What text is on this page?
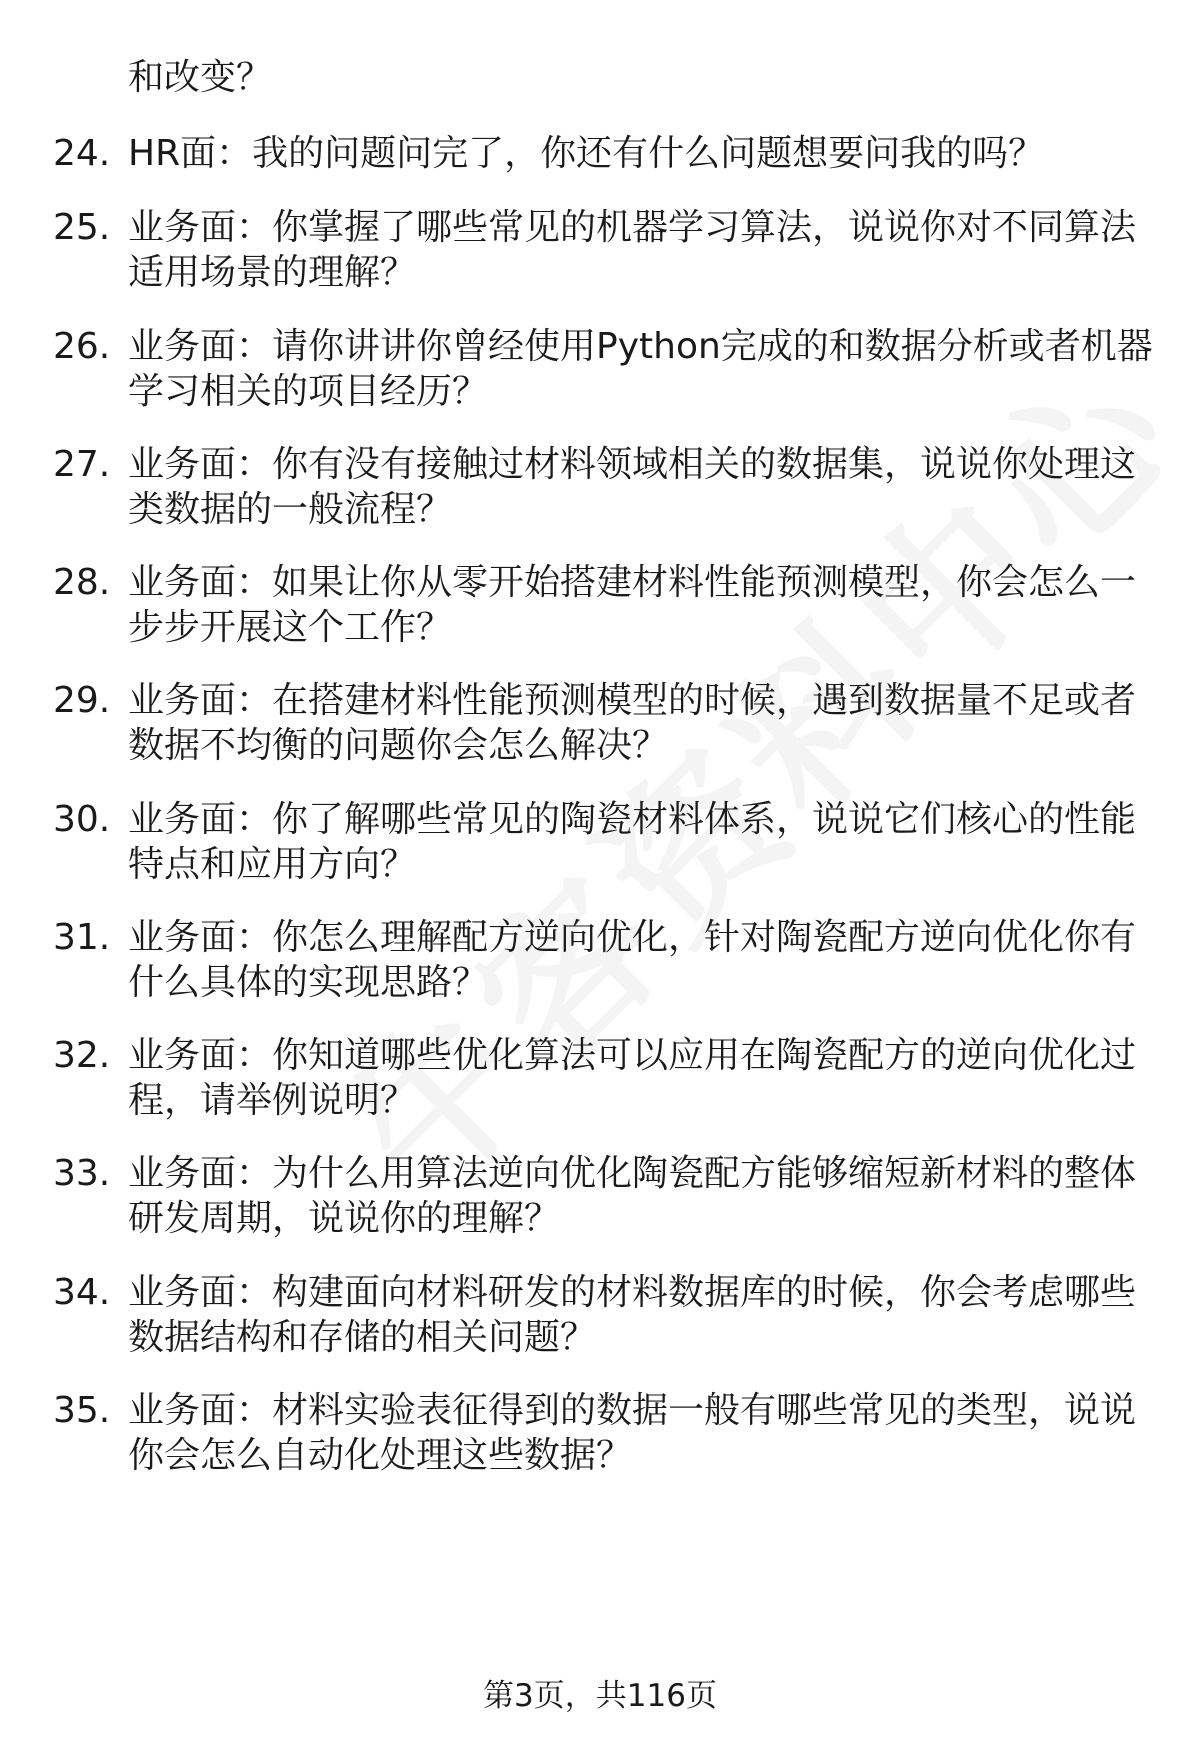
和改变？
24. HR面：我的问题问完了，你还有什么问题想要问我的吗？
25. 业务面：你掌握了哪些常见的机器学习算法，说说你对不同算法
适用场景的理解？
26. 业务面：请你讲讲你曾经使用Python完成的和数据分析或者机器
学习相关的项目经历？
27. 业务面：你有没有接触过材料领域相关的数据集，说说你处理这
类数据的一般流程？
28. 业务面：如果让你从零开始搭建材料性能预测模型，你会怎么一
步步开展这个工作？
29. 业务面：在搭建材料性能预测模型的时候，遇到数据量不足或者
数据不均衡的问题你会怎么解决？
30. 业务面：你了解哪些常见的陶瓷材料体系，说说它们核心的性能
特点和应用方向？
31. 业务面：你怎么理解配方逆向优化，针对陶瓷配方逆向优化你有
什么具体的实现思路？
32. 业务面：你知道哪些优化算法可以应用在陶瓷配方的逆向优化过
程，请举例说明？
33. 业务面：为什么用算法逆向优化陶瓷配方能够缩短新材料的整体
研发周期，说说你的理解？
34. 业务面：构建面向材料研发的材料数据库的时候，你会考虑哪些
数据结构和存储的相关问题？
35. 业务面：材料实验表征得到的数据一般有哪些常见的类型，说说
你会怎么自动化处理这些数据？
第3页，共116页
